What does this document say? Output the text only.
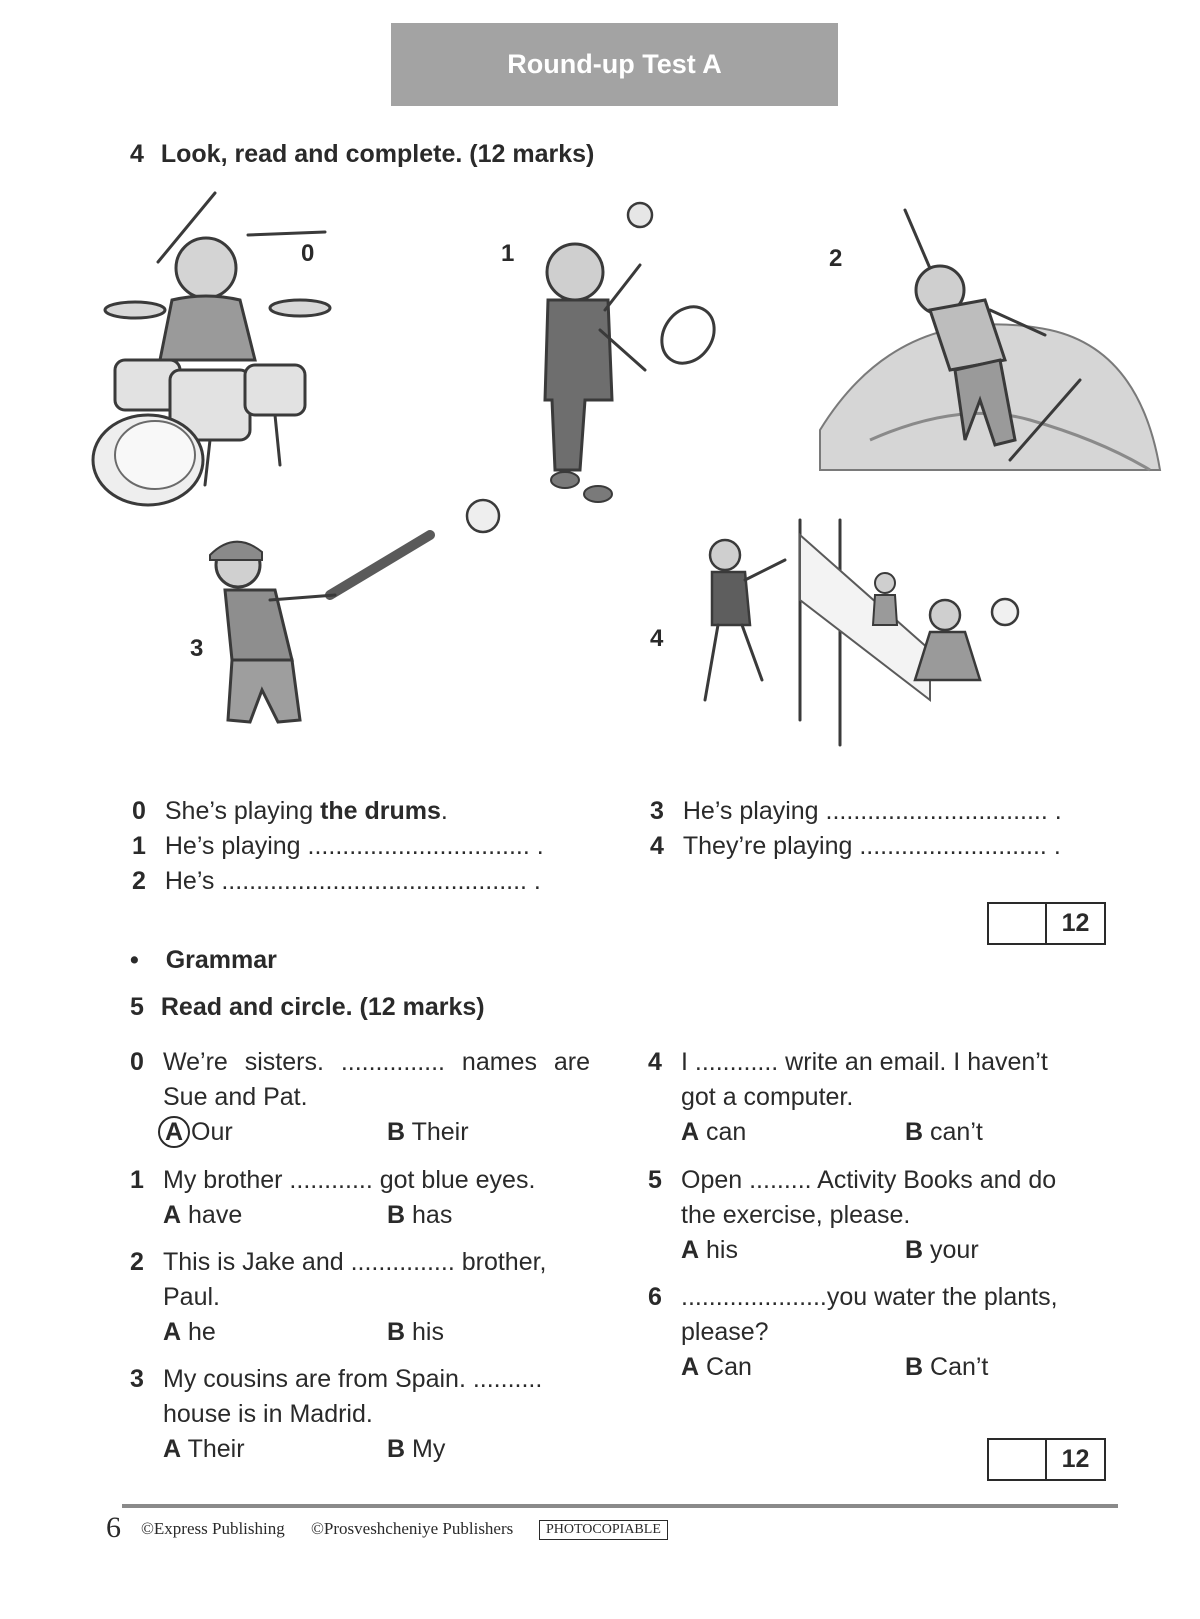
Round-up Test A
4 Look, read and complete. (12 marks)
0	1	2
3	4
0 She’s playing the drums.
1 He’s playing ................................ .
2 He’s ............................................ .
3 He’s playing ................................ .
4 They’re playing ........................... .
12
• Grammar
5 Read and circle. (12 marks)
0 We’re sisters. ............... names are
Sue and Pat.
A Our	B Their
1 My brother ............ got blue eyes.
A have	B has
2 This is Jake and ............... brother,
Paul.
A he	B his
3 My cousins are from Spain. ..........
house is in Madrid.
A Their	B My
4 I ............ write an email. I haven’t
got a computer.
A can	B can’t
5 Open ......... Activity Books and do
the exercise, please.
A his	B your
6 .....................you water the plants,
please?
A Can	B Can’t
12
6 ©Express Publishing ©Prosveshcheniye Publishers	PHOTOCOPIABLE
